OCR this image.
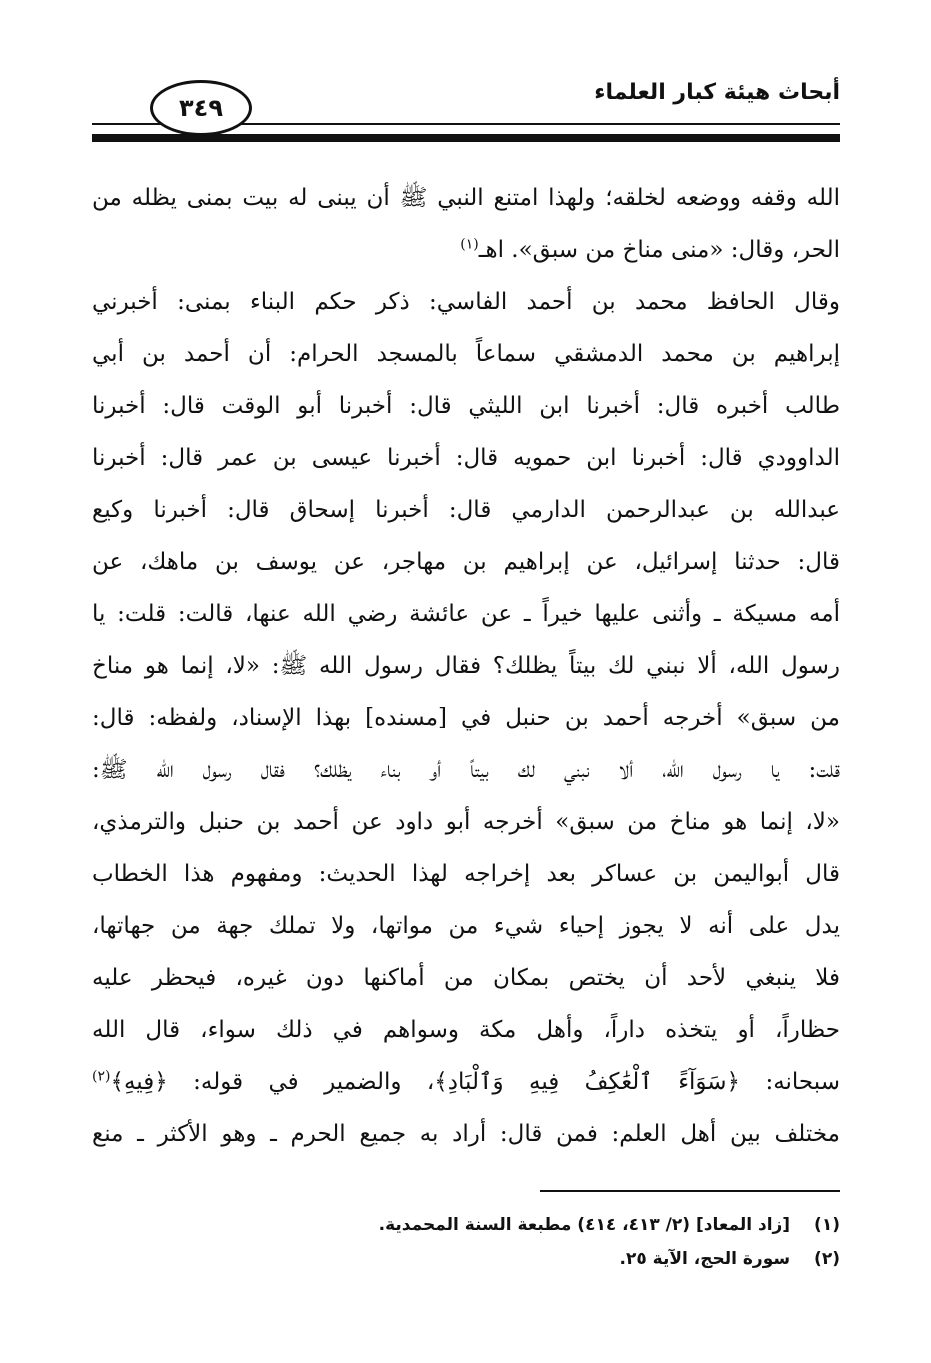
أبحاث هيئة كبار العلماء
٣٤٩
الله وقفه ووضعه لخلقه؛ ولهذا امتنع النبي ﷺ أن يبنى له بيت بمنى يظله من
الحر، وقال: «منى مناخ من سبق». اهـ$^{(١)}$
وقال الحافظ محمد بن أحمد الفاسي: ذكر حكم البناء بمنى: أخبرني
إبراهيم بن محمد الدمشقي سماعاً بالمسجد الحرام: أن أحمد بن أبي
طالب أخبره قال: أخبرنا ابن الليثي قال: أخبرنا أبو الوقت قال: أخبرنا
الداوودي قال: أخبرنا ابن حمويه قال: أخبرنا عيسى بن عمر قال: أخبرنا
عبدالله بن عبدالرحمن الدارمي قال: أخبرنا إسحاق قال: أخبرنا وكيع
قال: حدثنا إسرائيل، عن إبراهيم بن مهاجر، عن يوسف بن ماهك، عن
أمه مسيكة ـ وأثنى عليها خيراً ـ عن عائشة رضي الله عنها، قالت: قلت: يا
رسول الله، ألا نبني لك بيتاً يظلك؟ فقال رسول الله ﷺ: «لا، إنما هو مناخ
من سبق» أخرجه أحمد بن حنبل في [مسنده] بهذا الإسناد، ولفظه: قال:
قلت: يا رسول الله، ألا نبني لك بيتاً أو بناء يظلك؟ فقال رسول الله ﷺ:
«لا، إنما هو مناخ من سبق» أخرجه أبو داود عن أحمد بن حنبل والترمذي،
قال أبواليمن بن عساكر بعد إخراجه لهذا الحديث: ومفهوم هذا الخطاب
يدل على أنه لا يجوز إحياء شيء من مواتها، ولا تملك جهة من جهاتها،
فلا ينبغي لأحد أن يختص بمكان من أماكنها دون غيره، فيحظر عليه
حظاراً، أو يتخذه داراً، وأهل مكة وسواهم في ذلك سواء، قال الله
سبحانه: ﴿سَوَآءً ٱلْعَٰكِفُ فِيهِ وَٱلْبَادِ﴾، والضمير في قوله: ﴿فِيهِ﴾$^{(٢)}$
مختلف بين أهل العلم: فمن قال: أراد به جميع الحرم ـ وهو الأكثر ـ منع
(١) [زاد المعاد] (٢/ ٤١٣، ٤١٤) مطبعة السنة المحمدية.
(٢) سورة الحج، الآية ٢٥.
